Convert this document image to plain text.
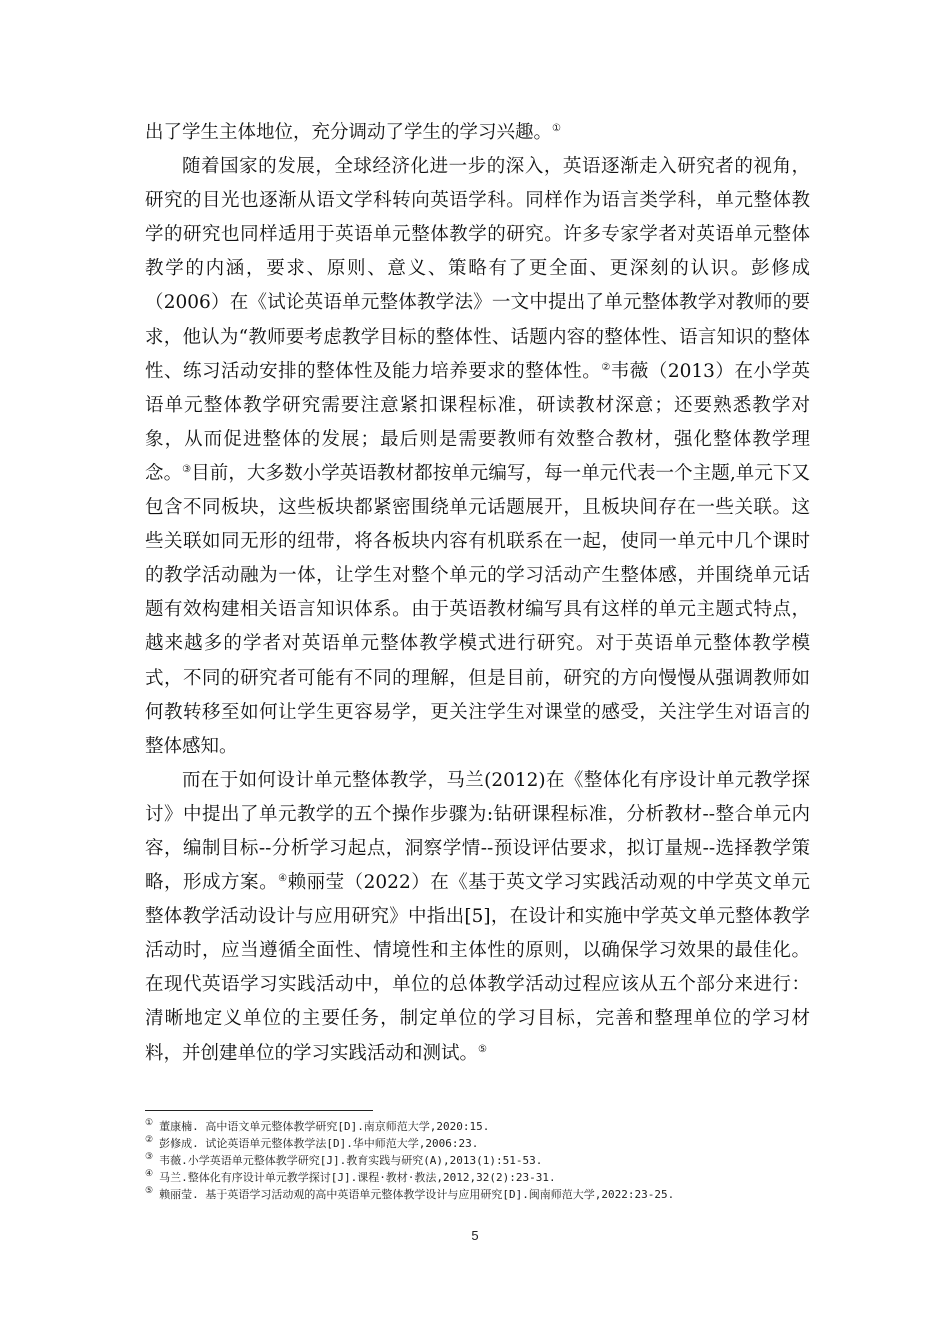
出了学生主体地位，充分调动了学生的学习兴趣。①

随着国家的发展，全球经济化进一步的深入，英语逐渐走入研究者的视角，研究的目光也逐渐从语文学科转向英语学科。同样作为语言类学科，单元整体教学的研究也同样适用于英语单元整体教学的研究。许多专家学者对英语单元整体教学的内涵，要求、原则、意义、策略有了更全面、更深刻的认识。彭修成（2006）在《试论英语单元整体教学法》一文中提出了单元整体教学对教师的要求，他认为“教师要考虑教学目标的整体性、话题内容的整体性、语言知识的整体性、练习活动安排的整体性及能力培养要求的整体性。②韦薇（2013）在小学英语单元整体教学研究需要注意紧扣课程标准，研读教材深意；还要熟悉教学对象，从而促进整体的发展；最后则是需要教师有效整合教材，强化整体教学理念。③目前，大多数小学英语教材都按单元编写，每一单元代表一个主题,单元下又包含不同板块，这些板块都紧密围绕单元话题展开，且板块间存在一些关联。这些关联如同无形的纽带，将各板块内容有机联系在一起，使同一单元中几个课时的教学活动融为一体，让学生对整个单元的学习活动产生整体感，并围绕单元话题有效构建相关语言知识体系。由于英语教材编写具有这样的单元主题式特点，越来越多的学者对英语单元整体教学模式进行研究。对于英语单元整体教学模式，不同的研究者可能有不同的理解，但是目前，研究的方向慢慢从强调教师如何教转移至如何让学生更容易学，更关注学生对课堂的感受，关注学生对语言的整体感知。

而在于如何设计单元整体教学，马兰(2012)在《整体化有序设计单元教学探讨》中提出了单元教学的五个操作步骤为:钻研课程标准，分析教材--整合单元内容，编制目标--分析学习起点，洞察学情--预设评估要求，拟订量规--选择教学策略，形成方案。④赖丽莹（2022）在《基于英文学习实践活动观的中学英文单元整体教学活动设计与应用研究》中指出[5]，在设计和实施中学英文单元整体教学活动时，应当遵循全面性、情境性和主体性的原则，以确保学习效果的最佳化。在现代英语学习实践活动中，单位的总体教学活动过程应该从五个部分来进行：清晰地定义单位的主要任务，制定单位的学习目标，完善和整理单位的学习材料，并创建单位的学习实践活动和测试。⑤

① 董康楠. 高中语文单元整体教学研究[D].南京师范大学,2020:15.
② 彭修成. 试论英语单元整体教学法[D].华中师范大学,2006:23.
③ 韦薇.小学英语单元整体教学研究[J].教育实践与研究(A),2013(1):51-53.
④ 马兰.整体化有序设计单元教学探讨[J].课程·教材·教法,2012,32(2):23-31.
⑤ 赖丽莹. 基于英语学习活动观的高中英语单元整体教学设计与应用研究[D].闽南师范大学,2022:23-25.
5
